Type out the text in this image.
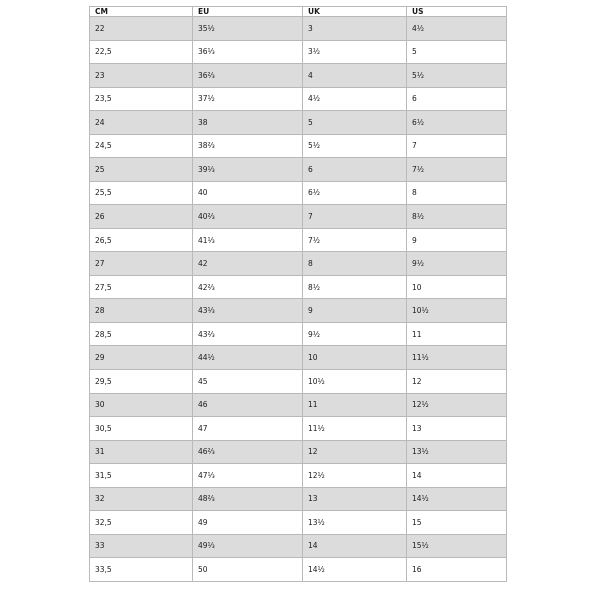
CM	EU	UK	US
22	35½	3	4½
22,5	36⅓	3½	5
23	36⅔	4	5½
23,5	37½	4½	6
24	38	5	6½
24,5	38⅔	5½	7
25	39⅓	6	7½
25,5	40	6½	8
26	40⅔	7	8½
26,5	41⅓	7½	9
27	42	8	9½
27,5	42⅔	8½	10
28	43⅓	9	10½
28,5	43⅔	9½	11
29	44½	10	11½
29,5	45	10½	12
30	46	11	12½
30,5	47	11½	13
31	46⅔	12	13½
31,5	47⅓	12½	14
32	48⅔	13	14½
32,5	49	13½	15
33	49⅓	14	15½
33,5	50	14½	16
